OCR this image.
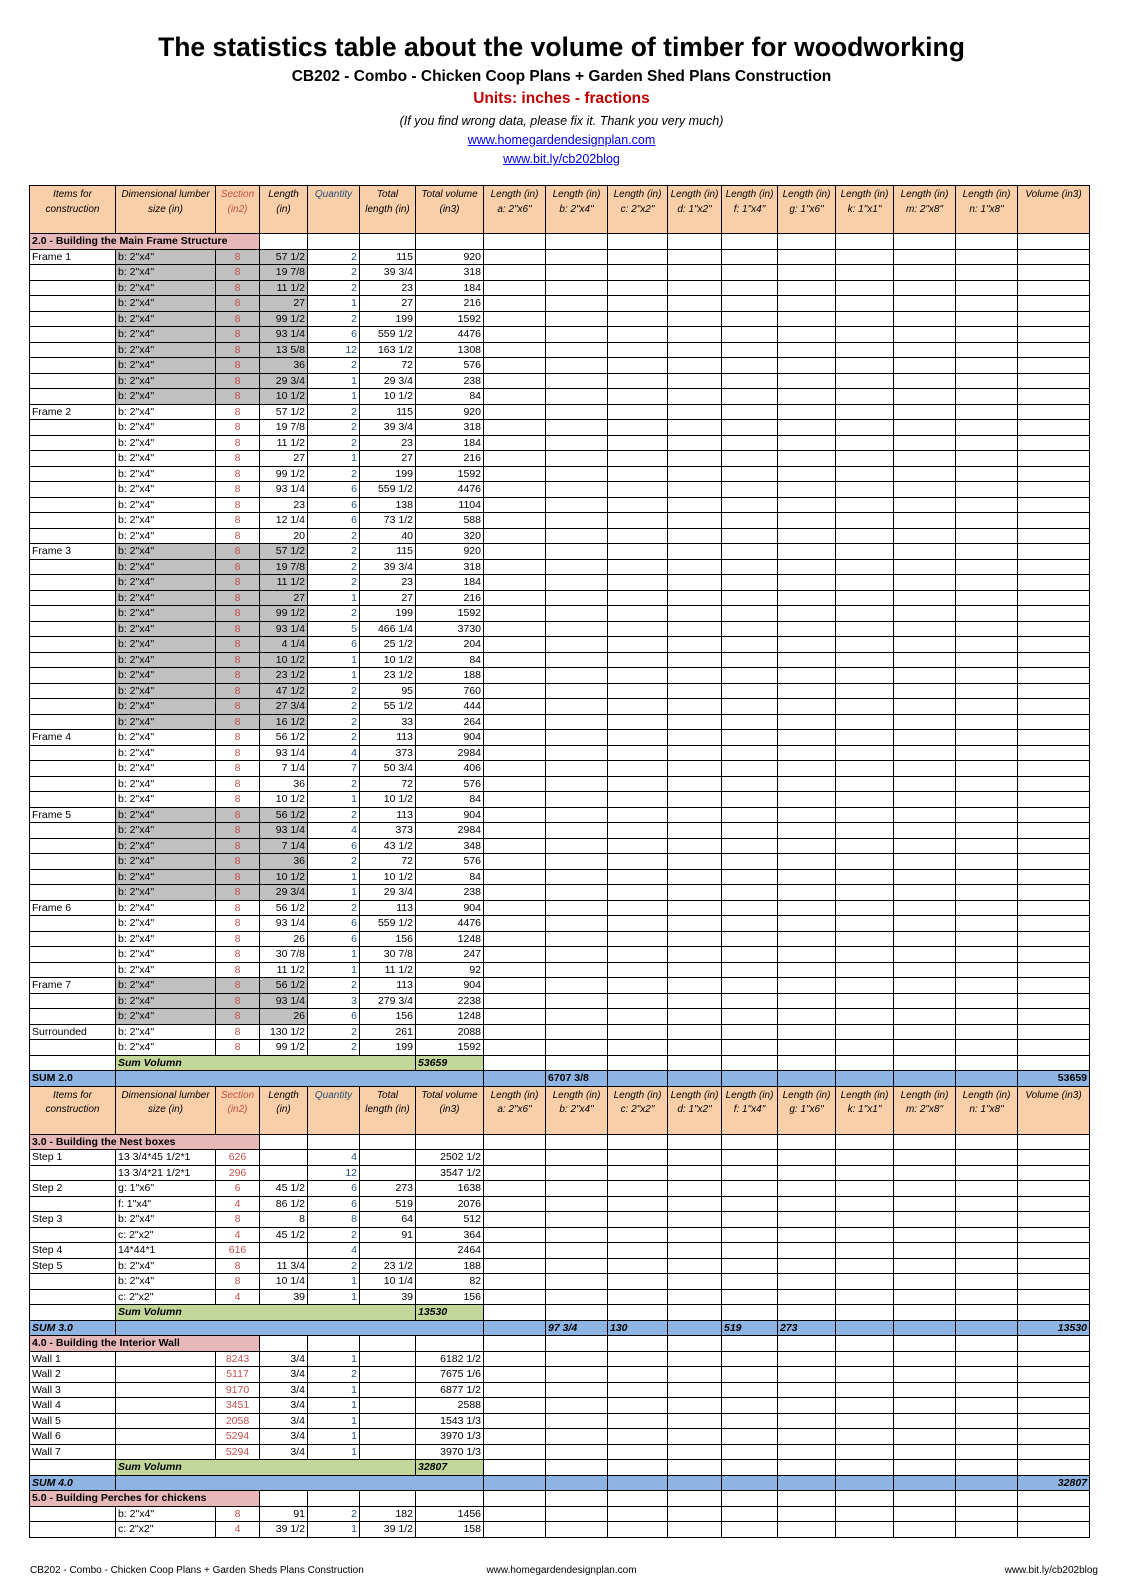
The statistics table about the volume of timber for woodworking
CB202 - Combo - Chicken Coop Plans + Garden Shed Plans Construction
Units: inches - fractions
(If you find wrong data, please fix it. Thank you very much)
www.homegardendesignplan.com
www.bit.ly/cb202blog
Items for construction	Dimensional lumber size (in)	Section (in2)	Length (in)	Quantity	Total length (in)	Total volume (in3)	Length (in) a: 2"x6"	Length (in) b: 2"x4"	Length (in) c: 2"x2"	Length (in) d: 1"x2"	Length (in) f: 1"x4"	Length (in) g: 1"x6"	Length (in) k: 1"x1"	Length (in) m: 2"x8"	Length (in) n: 1"x8"	Volume (in3)
2.0 - Building the Main Frame Structure																
Frame 1	b: 2"x4"	8	57 1/2	2	115	920										
	b: 2"x4"	8	19 7/8	2	39 3/4	318										
	b: 2"x4"	8	11 1/2	2	23	184										
	b: 2"x4"	8	27	1	27	216										
	b: 2"x4"	8	99 1/2	2	199	1592										
	b: 2"x4"	8	93 1/4	6	559 1/2	4476										
	b: 2"x4"	8	13 5/8	12	163 1/2	1308										
	b: 2"x4"	8	36	2	72	576										
	b: 2"x4"	8	29 3/4	1	29 3/4	238										
	b: 2"x4"	8	10 1/2	1	10 1/2	84										
Frame 2	b: 2"x4"	8	57 1/2	2	115	920										
	b: 2"x4"	8	19 7/8	2	39 3/4	318										
	b: 2"x4"	8	11 1/2	2	23	184										
	b: 2"x4"	8	27	1	27	216										
	b: 2"x4"	8	99 1/2	2	199	1592										
	b: 2"x4"	8	93 1/4	6	559 1/2	4476										
	b: 2"x4"	8	23	6	138	1104										
	b: 2"x4"	8	12 1/4	6	73 1/2	588										
	b: 2"x4"	8	20	2	40	320										
Frame 3	b: 2"x4"	8	57 1/2	2	115	920										
	b: 2"x4"	8	19 7/8	2	39 3/4	318										
	b: 2"x4"	8	11 1/2	2	23	184										
	b: 2"x4"	8	27	1	27	216										
	b: 2"x4"	8	99 1/2	2	199	1592										
	b: 2"x4"	8	93 1/4	5	466 1/4	3730										
	b: 2"x4"	8	4 1/4	6	25 1/2	204										
	b: 2"x4"	8	10 1/2	1	10 1/2	84										
	b: 2"x4"	8	23 1/2	1	23 1/2	188										
	b: 2"x4"	8	47 1/2	2	95	760										
	b: 2"x4"	8	27 3/4	2	55 1/2	444										
	b: 2"x4"	8	16 1/2	2	33	264										
Frame 4	b: 2"x4"	8	56 1/2	2	113	904										
	b: 2"x4"	8	93 1/4	4	373	2984										
	b: 2"x4"	8	7 1/4	7	50 3/4	406										
	b: 2"x4"	8	36	2	72	576										
	b: 2"x4"	8	10 1/2	1	10 1/2	84										
Frame 5	b: 2"x4"	8	56 1/2	2	113	904										
	b: 2"x4"	8	93 1/4	4	373	2984										
	b: 2"x4"	8	7 1/4	6	43 1/2	348										
	b: 2"x4"	8	36	2	72	576										
	b: 2"x4"	8	10 1/2	1	10 1/2	84										
	b: 2"x4"	8	29 3/4	1	29 3/4	238										
Frame 6	b: 2"x4"	8	56 1/2	2	113	904										
	b: 2"x4"	8	93 1/4	6	559 1/2	4476										
	b: 2"x4"	8	26	6	156	1248										
	b: 2"x4"	8	30 7/8	1	30 7/8	247										
	b: 2"x4"	8	11 1/2	1	11 1/2	92										
Frame 7	b: 2"x4"	8	56 1/2	2	113	904										
	b: 2"x4"	8	93 1/4	3	279 3/4	2238										
	b: 2"x4"	8	26	6	156	1248										
Surrounded	b: 2"x4"	8	130 1/2	2	261	2088										
	b: 2"x4"	8	99 1/2	2	199	1592										
	Sum Volumn					53659										
SUM 2.0								6707 3/8								53659
Items for construction	Dimensional lumber size (in)	Section (in2)	Length (in)	Quantity	Total length (in)	Total volume (in3)	Length (in) a: 2"x6"	Length (in) b: 2"x4"	Length (in) c: 2"x2"	Length (in) d: 1"x2"	Length (in) f: 1"x4"	Length (in) g: 1"x6"	Length (in) k: 1"x1"	Length (in) m: 2"x8"	Length (in) n: 1"x8"	Volume (in3)
3.0 - Building the Nest boxes																
Step 1	13 3/4*45 1/2*1	626		4		2502 1/2										
	13 3/4*21 1/2*1	296		12		3547 1/2										
Step 2	g: 1"x6"	6	45 1/2	6	273	1638										
	f: 1"x4"	4	86 1/2	6	519	2076										
Step 3	b: 2"x4"	8	8	8	64	512										
	c: 2"x2"	4	45 1/2	2	91	364										
Step 4	14*44*1	616		4		2464										
Step 5	b: 2"x4"	8	11 3/4	2	23 1/2	188										
	b: 2"x4"	8	10 1/4	1	10 1/4	82										
	c: 2"x2"	4	39	1	39	156										
	Sum Volumn					13530										
SUM 3.0								97 3/4	130		519	273				13530
4.0 - Building the Interior Wall																
Wall 1		8243	3/4	1		6182 1/2										
Wall 2		5117	3/4	2		7675 1/6										
Wall 3		9170	3/4	1		6877 1/2										
Wall 4		3451	3/4	1		2588										
Wall 5		2058	3/4	1		1543 1/3										
Wall 6		5294	3/4	1		3970 1/3										
Wall 7		5294	3/4	1		3970 1/3										
	Sum Volumn					32807										
SUM 4.0																32807
5.0 - Building Perches for chickens																
	b: 2"x4"	8	91	2	182	1456										
	c: 2"x2"	4	39 1/2	1	39 1/2	158										
CB202 - Combo - Chicken Coop Plans + Garden Sheds Plans Construction	www.homegardendesignplan.com	www.bit.ly/cb202blog
